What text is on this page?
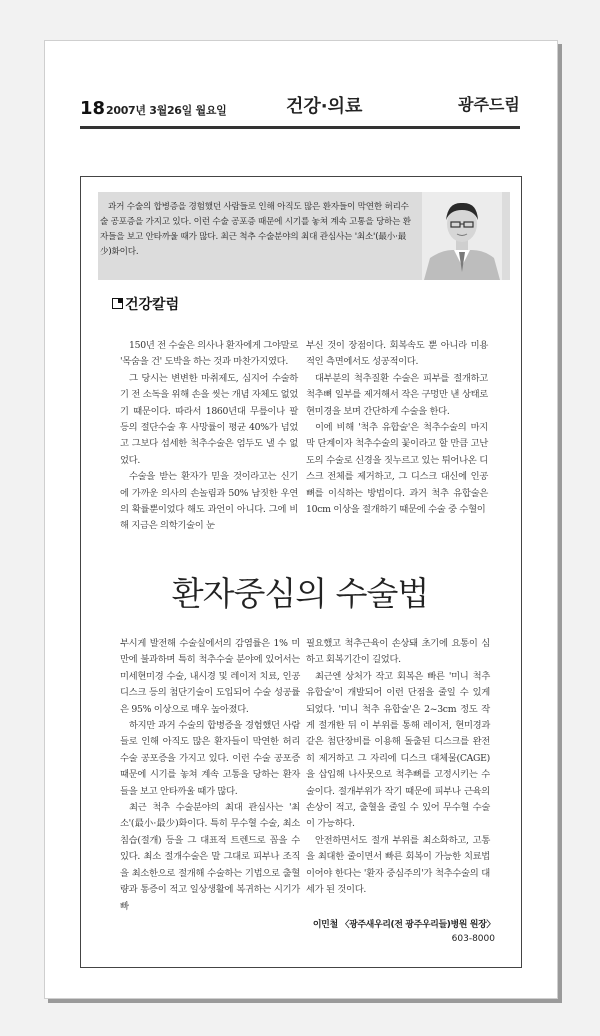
18 2007년 3월26일 월요일	건강·의료	광주드림
과거 수술의 합병증을 경험했던 사람들로 인해 아직도 많은 환자들이 막연한 허리수술 공포증을 가지고 있다. 이런 수술 공포증 때문에 시기를 놓쳐 계속 고통을 당하는 환자들을 보고 안타까울 때가 많다. 최근 척추 수술분야의 최대 관심사는 '최소'(最小·最少)화이다.
건강칼럼

150년 전 수술은 의사나 환자에게 그야말로 '목숨을 건' 도박을 하는 것과 마찬가지였다.

그 당시는 변변한 마취제도, 심지어 수술하기 전 소독을 위해 손을 씻는 개념 자체도 없었기 때문이다. 따라서 1860년대 무릎이나 팔 등의 절단수술 후 사망률이 평균 40%가 넘었고 그보다 섬세한 척추수술은 엄두도 낼 수 없었다.

수술을 받는 환자가 믿을 것이라고는 신기에 가까운 의사의 손놀림과 50% 남짓한 우연의 확률뿐이었다 해도 과언이 아니다. 그에 비해 지금은 의학기술이 눈

부신 것이 장점이다. 회복속도 뿐 아니라 미용적인 측면에서도 성공적이다.

대부분의 척추질환 수술은 피부를 절개하고 척추뼈 일부를 제거해서 작은 구멍만 낸 상태로 현미경을 보며 간단하게 수술을 한다.

이에 비해 '척추 유합술'은 척추수술의 마지막 단계이자 척추수술의 꽃이라고 할 만큼 고난도의 수술로 신경을 짓누르고 있는 튀어나온 디스크 전체를 제거하고, 그 디스크 대신에 인공뼈를 이식하는 방법이다. 과거 척추 유합술은 10cm 이상을 절개하기 때문에 수술 중 수혈이

환자중심의 수술법

부시게 발전해 수술실에서의 감염률은 1% 미만에 불과하며 특히 척추수술 분야에 있어서는 미세현미경 수술, 내시경 및 레이저 치료, 인공디스크 등의 첨단기술이 도입되어 수술 성공률은 95% 이상으로 매우 높아졌다.

하지만 과거 수술의 합병증을 경험했던 사람들로 인해 아직도 많은 환자들이 막연한 허리수술 공포증을 가지고 있다. 이런 수술 공포증 때문에 시기를 놓쳐 계속 고통을 당하는 환자들을 보고 안타까울 때가 많다.

최근 척추 수술분야의 최대 관심사는 '최소'(最小·最少)화이다. 특히 무수혈 수술, 최소 침습(절개) 등을 그 대표적 트렌드로 꼽을 수 있다. 최소 절개수술은 말 그대로 피부나 조직을 최소한으로 절개해 수술하는 기법으로 출혈량과 통증이 적고 일상생활에 복귀하는 시기가 빠

필요했고 척추근육이 손상돼 초기에 요통이 심하고 회복기간이 길었다.

최근엔 상처가 작고 회복은 빠른 '미니 척추 유합술'이 개발되어 이런 단점을 줄일 수 있게 되었다. '미니 척추 유합술'은 2~3cm 정도 작게 절개한 뒤 이 부위를 통해 레이저, 현미경과 같은 첨단장비를 이용해 돌출된 디스크를 완전히 제거하고 그 자리에 디스크 대체물(CAGE)을 삽입해 나사못으로 척추뼈를 고정시키는 수술이다. 절개부위가 작기 때문에 피부나 근육의 손상이 적고, 출혈을 줄일 수 있어 무수혈 수술이 가능하다.

안전하면서도 절개 부위를 최소화하고, 고통을 최대한 줄이면서 빠른 회복이 가능한 치료법이어야 한다는 '환자 중심주의'가 척추수술의 대세가 된 것이다.

이민철 〈광주새우리(전 광주우리들)병원 원장〉
603-8000
